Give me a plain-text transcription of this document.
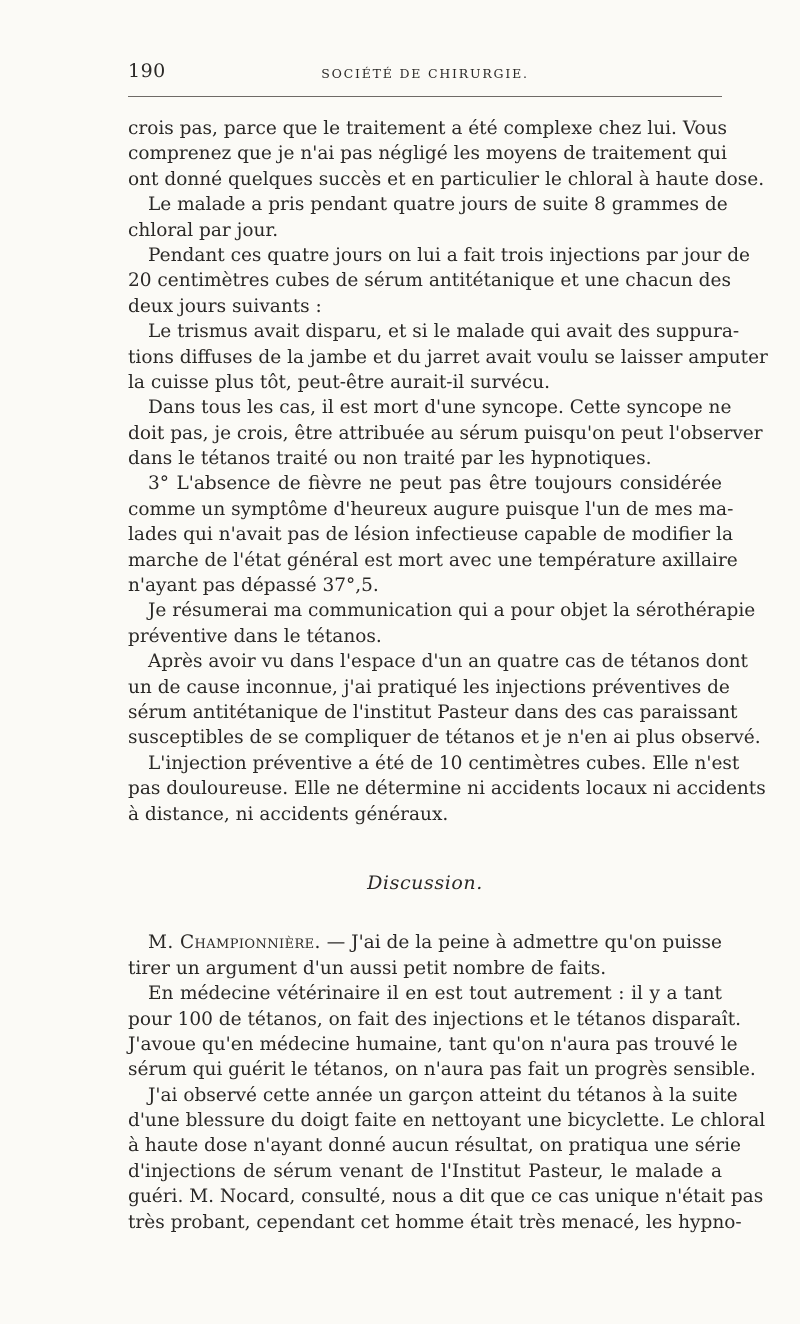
190	SOCIÉTÉ DE CHIRURGIE.
crois pas, parce que le traitement a été complexe chez lui. Vous
comprenez que je n'ai pas négligé les moyens de traitement qui
ont donné quelques succès et en particulier le chloral à haute dose.
Le malade a pris pendant quatre jours de suite 8 grammes de
chloral par jour.
Pendant ces quatre jours on lui a fait trois injections par jour de
20 centimètres cubes de sérum antitétanique et une chacun des
deux jours suivants :
Le trismus avait disparu, et si le malade qui avait des suppura-
tions diffuses de la jambe et du jarret avait voulu se laisser amputer
la cuisse plus tôt, peut-être aurait-il survécu.
Dans tous les cas, il est mort d'une syncope. Cette syncope ne
doit pas, je crois, être attribuée au sérum puisqu'on peut l'observer
dans le tétanos traité ou non traité par les hypnotiques.
3° L'absence de fièvre ne peut pas être toujours considérée
comme un symptôme d'heureux augure puisque l'un de mes ma-
lades qui n'avait pas de lésion infectieuse capable de modifier la
marche de l'état général est mort avec une température axillaire
n'ayant pas dépassé 37°,5.
Je résumerai ma communication qui a pour objet la sérothérapie
préventive dans le tétanos.
Après avoir vu dans l'espace d'un an quatre cas de tétanos dont
un de cause inconnue, j'ai pratiqué les injections préventives de
sérum antitétanique de l'institut Pasteur dans des cas paraissant
susceptibles de se compliquer de tétanos et je n'en ai plus observé.
L'injection préventive a été de 10 centimètres cubes. Elle n'est
pas douloureuse. Elle ne détermine ni accidents locaux ni accidents
à distance, ni accidents généraux.
Discussion.
M. Championnière. — J'ai de la peine à admettre qu'on puisse
tirer un argument d'un aussi petit nombre de faits.
En médecine vétérinaire il en est tout autrement : il y a tant
pour 100 de tétanos, on fait des injections et le tétanos disparaît.
J'avoue qu'en médecine humaine, tant qu'on n'aura pas trouvé le
sérum qui guérit le tétanos, on n'aura pas fait un progrès sensible.
J'ai observé cette année un garçon atteint du tétanos à la suite
d'une blessure du doigt faite en nettoyant une bicyclette. Le chloral
à haute dose n'ayant donné aucun résultat, on pratiqua une série
d'injections de sérum venant de l'Institut Pasteur, le malade a
guéri. M. Nocard, consulté, nous a dit que ce cas unique n'était pas
très probant, cependant cet homme était très menacé, les hypno-
